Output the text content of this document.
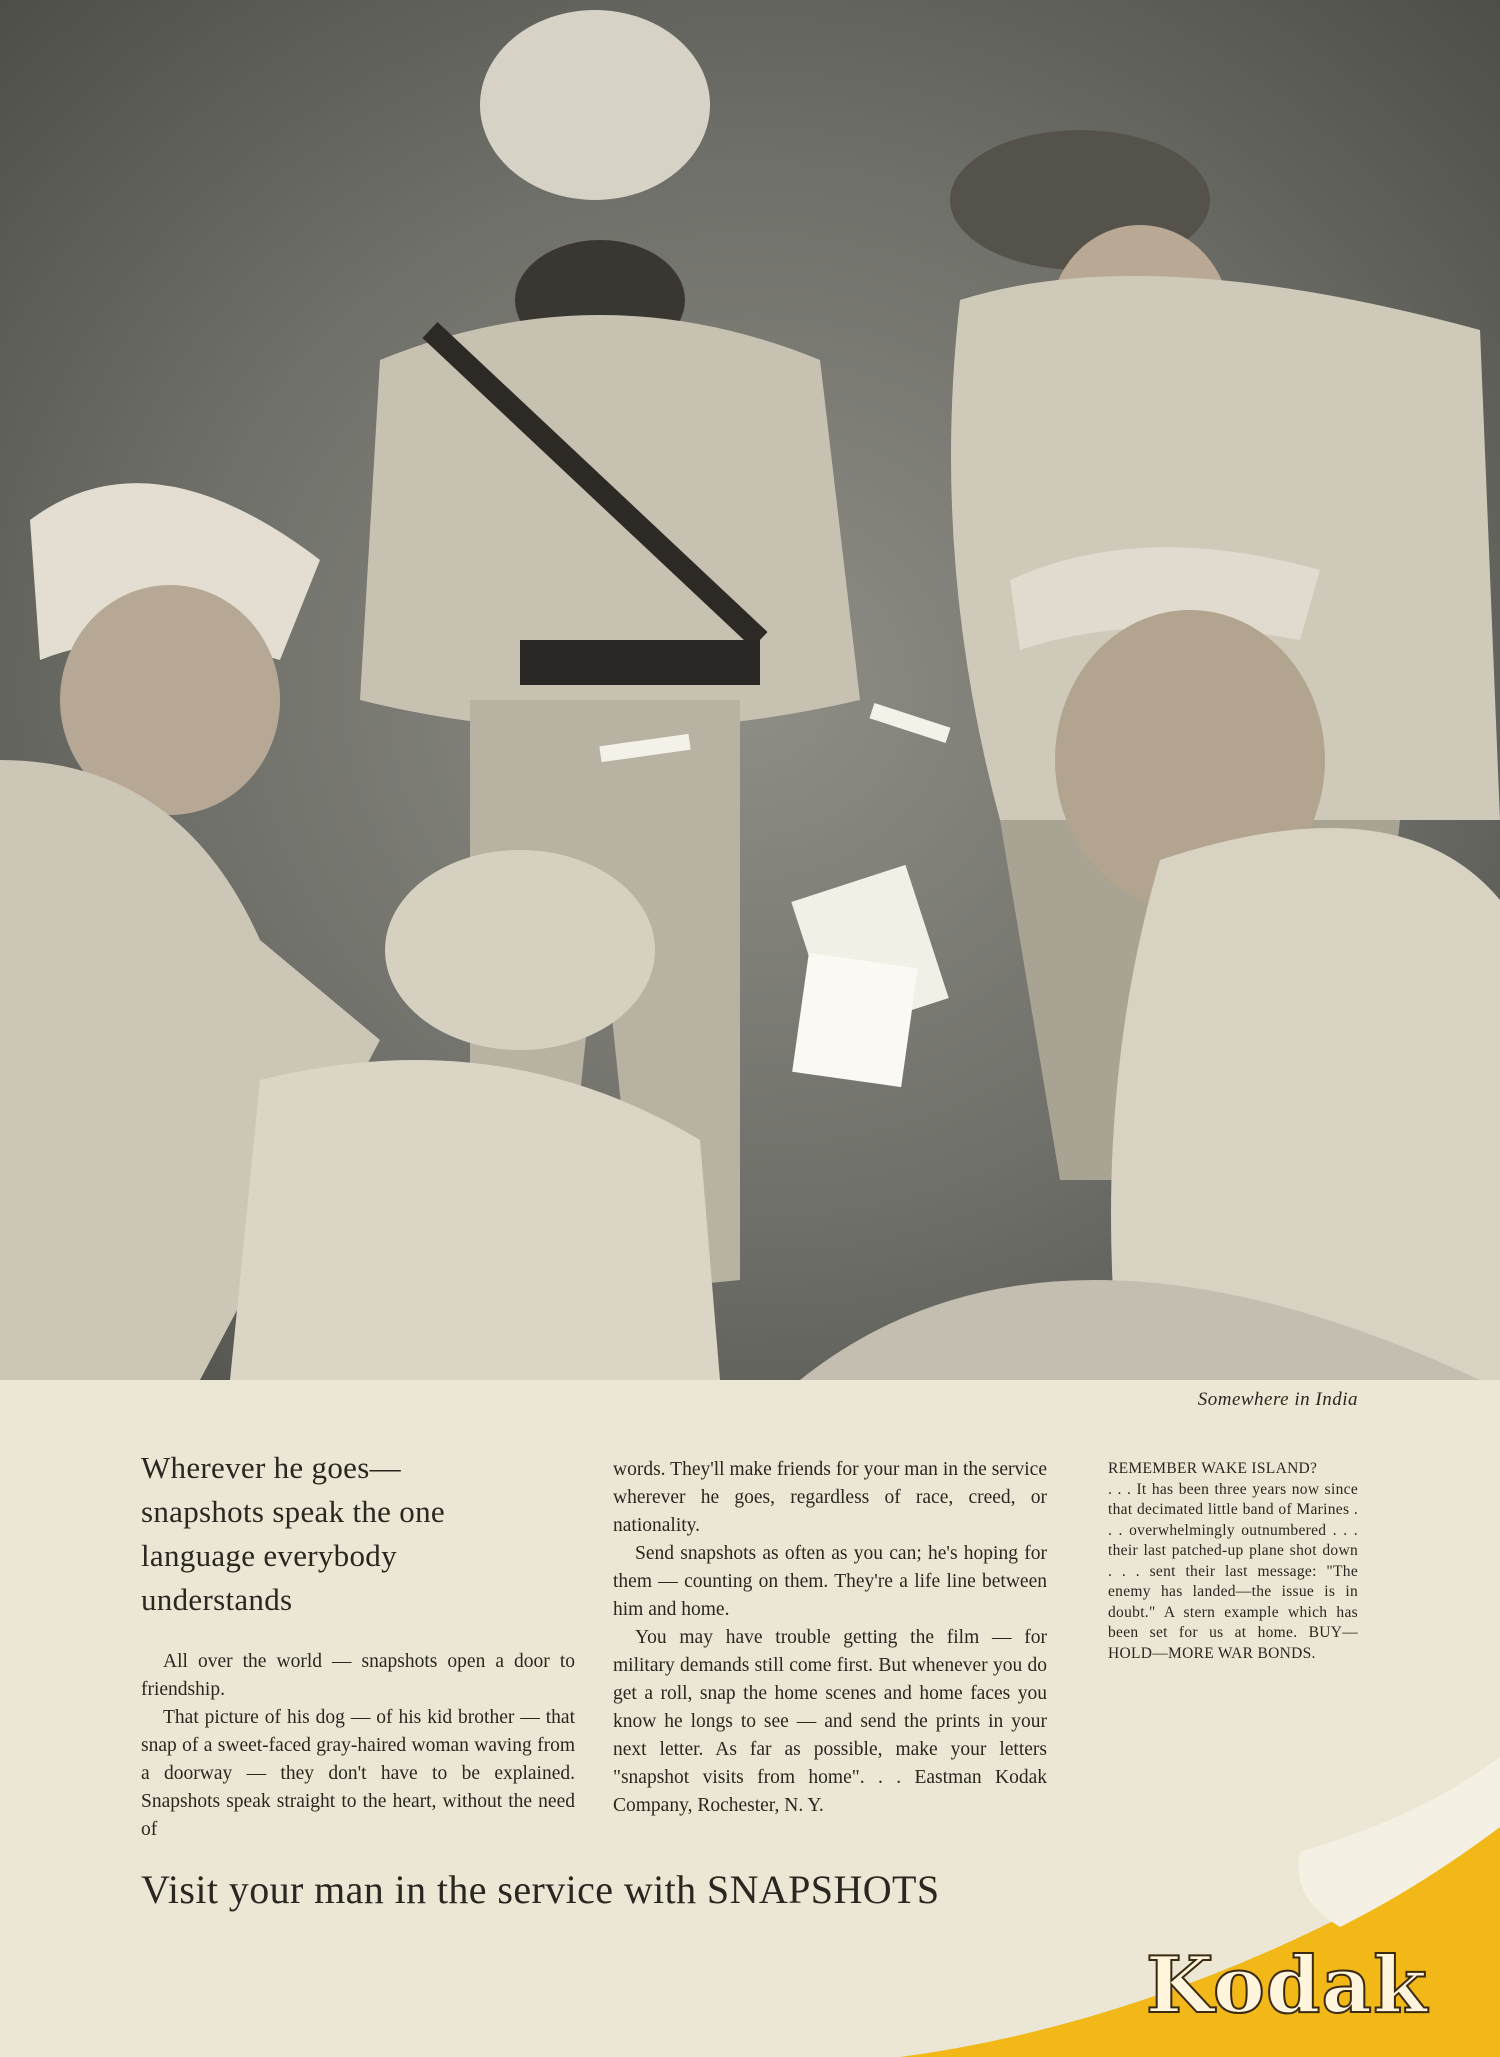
Somewhere in India
Wherever he goes—
snapshots speak the one
language everybody
understands

All over the world — snapshots open a door to friendship.

That picture of his dog — of his kid brother — that snap of a sweet-faced gray-haired woman waving from a doorway — they don't have to be explained. Snapshots speak straight to the heart, without the need of

words. They'll make friends for your man in the service wherever he goes, regardless of race, creed, or nationality.

Send snapshots as often as you can; he's hoping for them — counting on them. They're a life line between him and home.

You may have trouble getting the film — for military demands still come first. But whenever you do get a roll, snap the home scenes and home faces you know he longs to see — and send the prints in your next letter. As far as possible, make your letters "snapshot visits from home". . . Eastman Kodak Company, Rochester, N. Y.

REMEMBER WAKE ISLAND?
. . . It has been three years now since that decimated little band of Marines . . . overwhelmingly outnumbered . . . their last patched-up plane shot down . . . sent their last message: "The enemy has landed—the issue is in doubt." A stern example which has been set for us at home. BUY—HOLD—MORE WAR BONDS.
Visit your man in the service with SNAPSHOTS
Kodak
